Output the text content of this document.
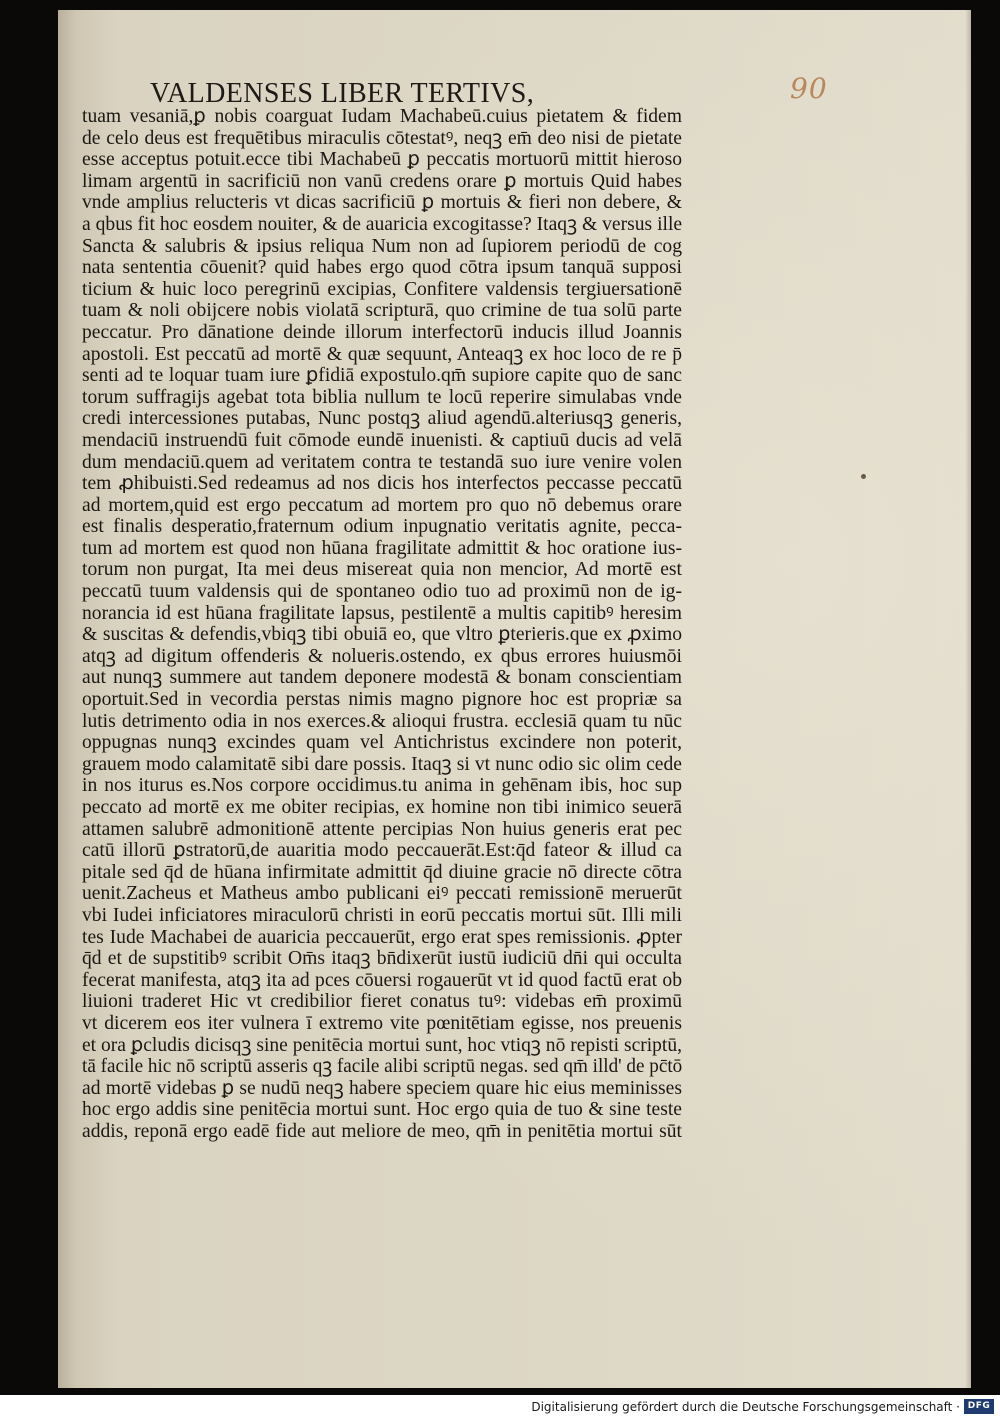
90
VALDENSES LIBER TERTIVS,
tuam vesaniā,ꝑ nobis coarguat Iudam Machabeū.cuius pietatem & fidem
de celo deus est frequētibus miraculis cōtestatꝰ, neqꝫ em̄ deo nisi de pietate
esse acceptus potuit.ecce tibi Machabeū ꝑ peccatis mortuorū mittit hieroso
limam argentū in sacrificiū non vanū credens orare ꝑ mortuis Quid habes
vnde amplius relucteris vt dicas sacrificiū ꝑ mortuis & fieri non debere, &
a qbus fit hoc eosdem nouiter, & de auaricia excogitasse? Itaqꝫ & versus ille
Sancta & salubris & ipsius reliqua Num non ad ſupiorem periodū de cog
nata sententia cōuenit? quid habes ergo quod cōtra ipsum tanquā supposi
ticium & huic loco peregrinū excipias, Confitere valdensis tergiuersationē
tuam & noli obijcere nobis violatā scripturā, quo crimine de tua solū parte
peccatur. Pro dānatione deinde illorum interfectorū inducis illud Joannis
apostoli. Est peccatū ad mortē & quæ sequunt, Anteaqꝫ ex hoc loco de re p̄
senti ad te loquar tuam iure ꝑfidiā expostulo.qm̄ supiore capite quo de sanc
torum suffragijs agebat tota biblia nullum te locū reperire simulabas vnde
credi intercessiones putabas, Nunc postqꝫ aliud agendū.alteriusqꝫ generis,
mendaciū instruendū fuit cōmode eundē inuenisti. & captiuū ducis ad velā
dum mendaciū.quem ad veritatem contra te testandā suo iure venire volen
tem ꝓhibuisti.Sed redeamus ad nos dicis hos interfectos peccasse peccatū
ad mortem,quid est ergo peccatum ad mortem pro quo nō debemus orare
est finalis desperatio,fraternum odium inpugnatio veritatis agnite, pecca-
tum ad mortem est quod non hūana fragilitate admittit & hoc oratione ius-
torum non purgat, Ita mei deus misereat quia non mencior, Ad mortē est
peccatū tuum valdensis qui de spontaneo odio tuo ad proximū non de ig-
norancia id est hūana fragilitate lapsus, pestilentē a multis capitibꝰ heresim
& suscitas & defendis,vbiqꝫ tibi obuiā eo, que vltro ꝑterieris.que ex ꝓximo
atqꝫ ad digitum offenderis & nolueris.ostendo, ex qbus errores huiusmōi
aut nunqꝫ summere aut tandem deponere modestā & bonam conscientiam
oportuit.Sed in vecordia perstas nimis magno pignore hoc est propriæ sa
lutis detrimento odia in nos exerces.& alioqui frustra. ecclesiā quam tu nūc
oppugnas nunqꝫ excindes quam vel Antichristus excindere non poterit,
grauem modo calamitatē sibi dare possis. Itaqꝫ si vt nunc odio sic olim cede
in nos iturus es.Nos corpore occidimus.tu anima in gehēnam ibis, hoc sup
peccato ad mortē ex me obiter recipias, ex homine non tibi inimico seuerā
attamen salubrē admonitionē attente percipias Non huius generis erat pec
catū illorū ꝑstratorū,de auaritia modo peccauerāt.Est:q̄d fateor & illud ca
pitale sed q̄d de hūana infirmitate admittit q̄d diuine gracie nō directe cōtra
uenit.Zacheus et Matheus ambo publicani eiꝰ peccati remissionē meruerūt
vbi Iudei inficiatores miraculorū christi in eorū peccatis mortui sūt. Illi mili
tes Iude Machabei de auaricia peccauerūt, ergo erat spes remissionis. ꝓpter
q̄d et de supstitibꝰ scribit Om̄s itaqꝫ bn̄dixerūt iustū iudiciū dn̄i qui occulta
fecerat manifesta, atqꝫ ita ad pces cōuersi rogauerūt vt id quod factū erat ob
liuioni traderet Hic vt credibilior fieret conatus tuꝰ: videbas em̄ proximū
vt dicerem eos iter vulnera ī extremo vite pœnitētiam egisse, nos preuenis
et ora ꝑcludis dicisqꝫ sine penitēcia mortui sunt, hoc vtiqꝫ nō repisti scriptū,
tā facile hic nō scriptū asseris qꝫ facile alibi scriptū negas. sed qm̄ illd' de pc̄tō
ad mortē videbas ꝑ se nudū neqꝫ habere speciem quare hic eius meminisses
hoc ergo addis sine penitēcia mortui sunt. Hoc ergo quia de tuo & sine teste
addis, reponā ergo eadē fide aut meliore de meo, qm̄ in penitētia mortui sūt
Digitalisierung gefördert durch die Deutsche Forschungsgemeinschaft · DFG
